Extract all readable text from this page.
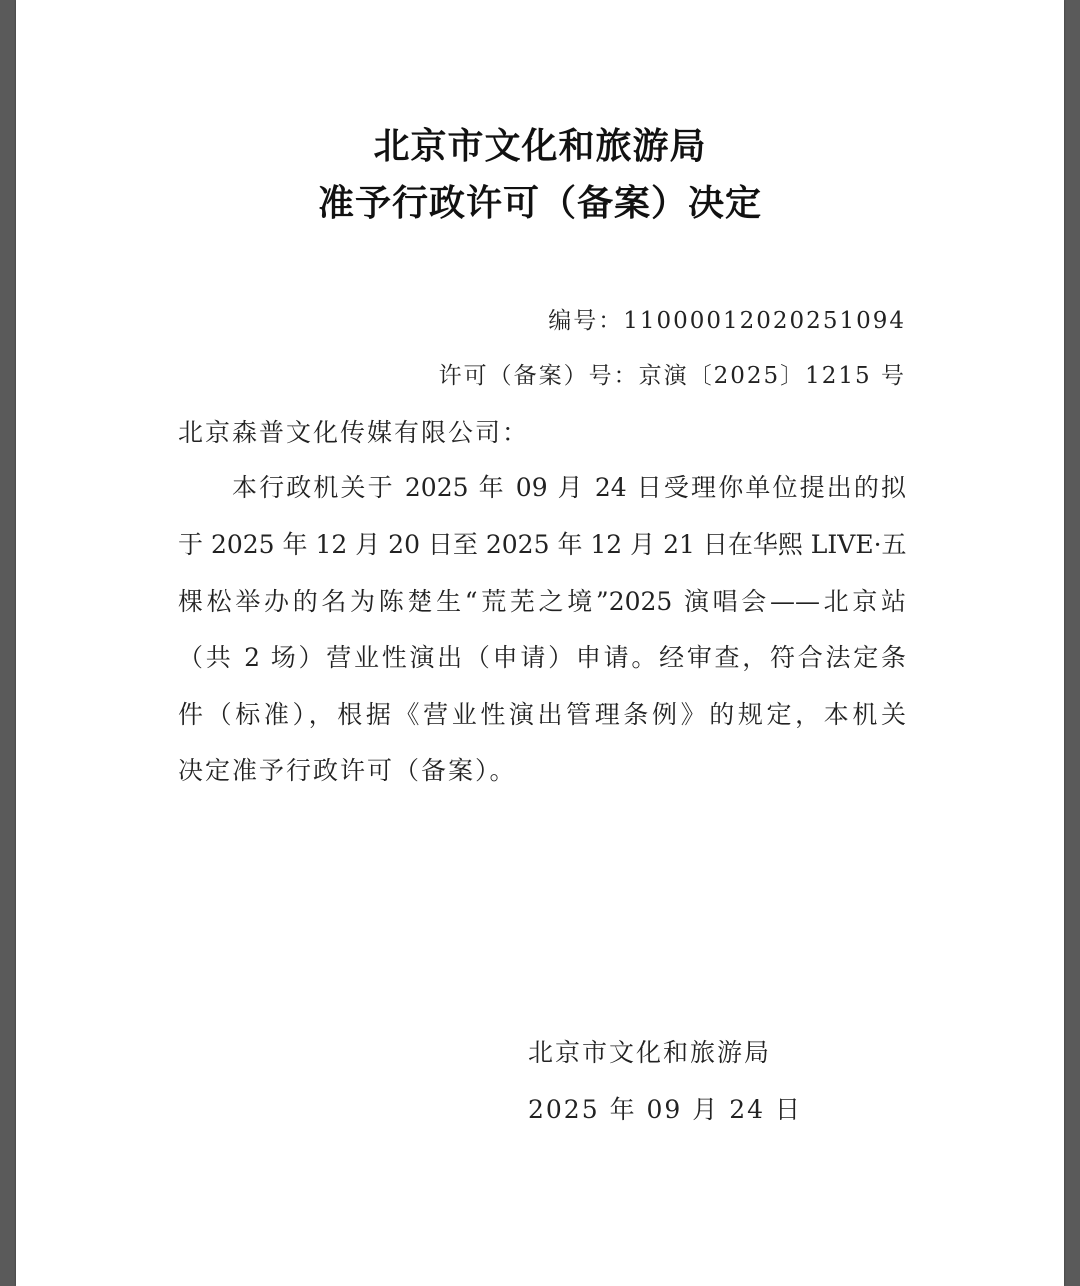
北京市文化和旅游局
准予行政许可（备案）决定
编号：11000012020251094
许可（备案）号：京演〔2025〕1215 号
北京森普文化传媒有限公司：
本行政机关于 2025 年 09 月 24 日受理你单位提出的拟
于 2025 年 12 月 20 日至 2025 年 12 月 21 日在华熙 LIVE·五
棵松举办的名为陈楚生“荒芜之境”2025 演唱会——北京站
（共 2 场）营业性演出（申请）申请。经审查，符合法定条
件（标准），根据《营业性演出管理条例》的规定，本机关
决定准予行政许可（备案）。
北京市文化和旅游局
2025 年 09 月 24 日
